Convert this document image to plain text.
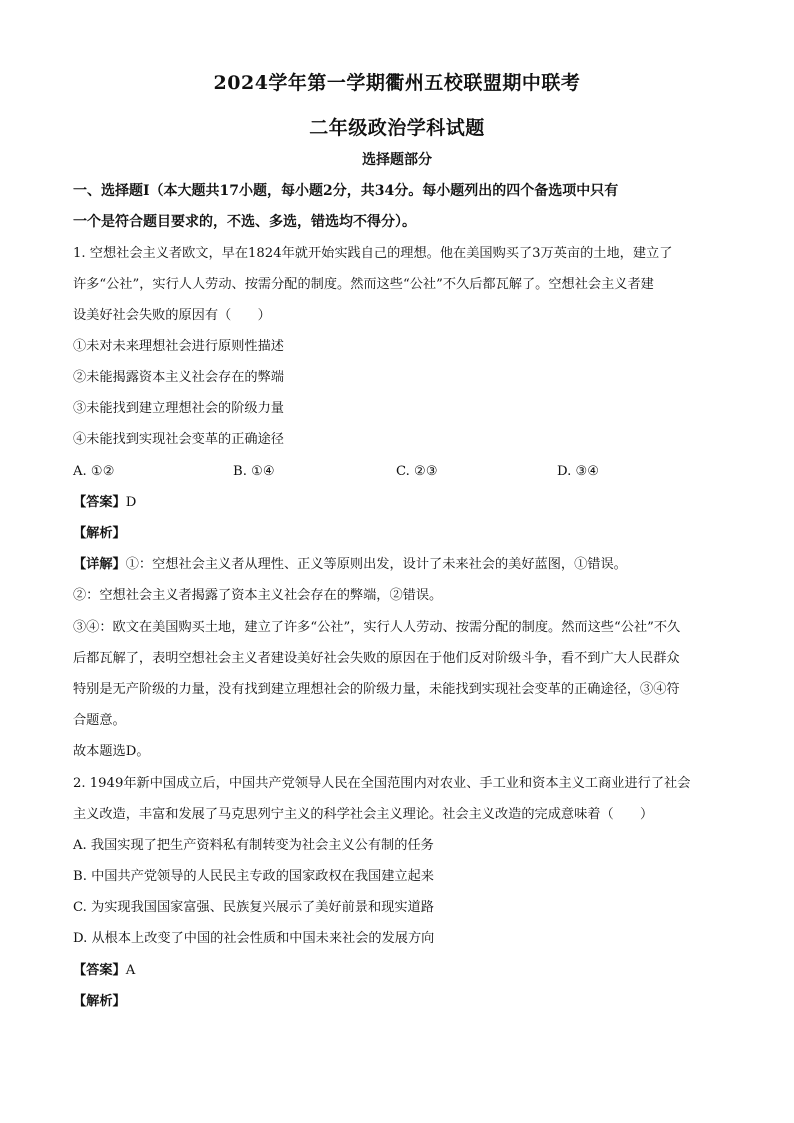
2024学年第一学期衢州五校联盟期中联考
二年级政治学科试题
选择题部分
一、选择题Ⅰ（本大题共17小题，每小题2分，共34分。每小题列出的四个备选项中只有
一个是符合题目要求的，不选、多选，错选均不得分）。
1. 空想社会主义者欧文，早在1824年就开始实践自己的理想。他在美国购买了3万英亩的土地，建立了
许多“公社”，实行人人劳动、按需分配的制度。然而这些“公社”不久后都瓦解了。空想社会主义者建
设美好社会失败的原因有（　　）
①未对未来理想社会进行原则性描述
②未能揭露资本主义社会存在的弊端
③未能找到建立理想社会的阶级力量
④未能找到实现社会变革的正确途径
A. ①②	B. ①④	C. ②③	D. ③④
【答案】D
【解析】
【详解】①：空想社会主义者从理性、正义等原则出发，设计了未来社会的美好蓝图，①错误。
②：空想社会主义者揭露了资本主义社会存在的弊端，②错误。
③④：欧文在美国购买土地，建立了许多“公社”，实行人人劳动、按需分配的制度。然而这些“公社”不久
后都瓦解了，表明空想社会主义者建设美好社会失败的原因在于他们反对阶级斗争，看不到广大人民群众
特别是无产阶级的力量，没有找到建立理想社会的阶级力量，未能找到实现社会变革的正确途径，③④符
合题意。
故本题选D。
2. 1949年新中国成立后，中国共产党领导人民在全国范围内对农业、手工业和资本主义工商业进行了社会
主义改造，丰富和发展了马克思列宁主义的科学社会主义理论。社会主义改造的完成意味着（　　）
A. 我国实现了把生产资料私有制转变为社会主义公有制的任务
B. 中国共产党领导的人民民主专政的国家政权在我国建立起来
C. 为实现我国国家富强、民族复兴展示了美好前景和现实道路
D. 从根本上改变了中国的社会性质和中国未来社会的发展方向
【答案】A
【解析】
